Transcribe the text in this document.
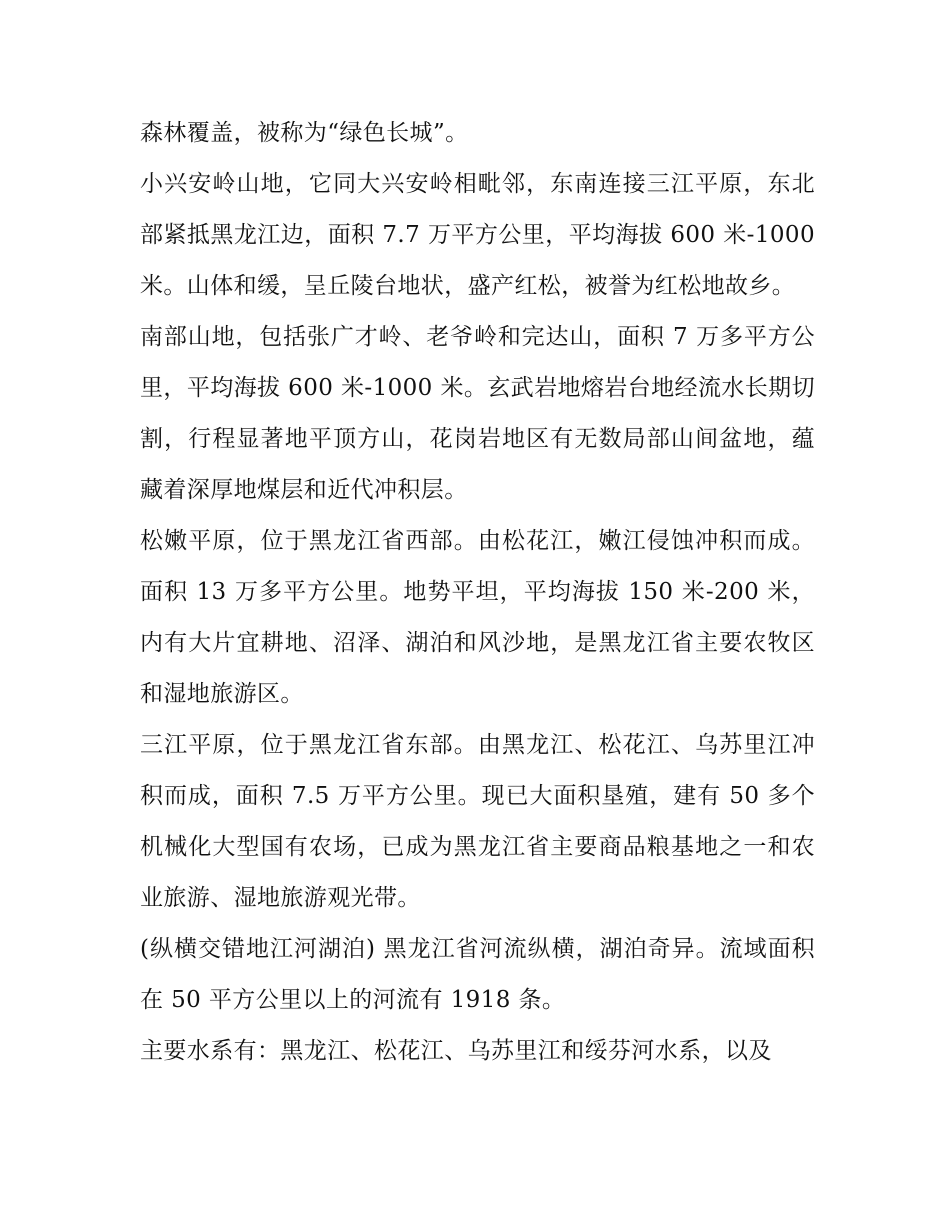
森林覆盖，被称为“绿色长城”。

小兴安岭山地，它同大兴安岭相毗邻，东南连接三江平原，东北部紧抵黑龙江边，面积 7.7 万平方公里，平均海拔 600 米-1000 米。山体和缓，呈丘陵台地状，盛产红松，被誉为红松地故乡。

南部山地，包括张广才岭、老爷岭和完达山，面积 7 万多平方公里，平均海拔 600 米-1000 米。玄武岩地熔岩台地经流水长期切割，行程显著地平顶方山，花岗岩地区有无数局部山间盆地，蕴藏着深厚地煤层和近代冲积层。

松嫩平原，位于黑龙江省西部。由松花江，嫩江侵蚀冲积而成。面积 13 万多平方公里。地势平坦，平均海拔 150 米-200 米，内有大片宜耕地、沼泽、湖泊和风沙地，是黑龙江省主要农牧区和湿地旅游区。

三江平原，位于黑龙江省东部。由黑龙江、松花江、乌苏里江冲积而成，面积 7.5 万平方公里。现已大面积垦殖，建有 50 多个机械化大型国有农场，已成为黑龙江省主要商品粮基地之一和农业旅游、湿地旅游观光带。

(纵横交错地江河湖泊) 黑龙江省河流纵横，湖泊奇异。流域面积在 50 平方公里以上的河流有 1918 条。

主要水系有：黑龙江、松花江、乌苏里江和绥芬河水系，以及
